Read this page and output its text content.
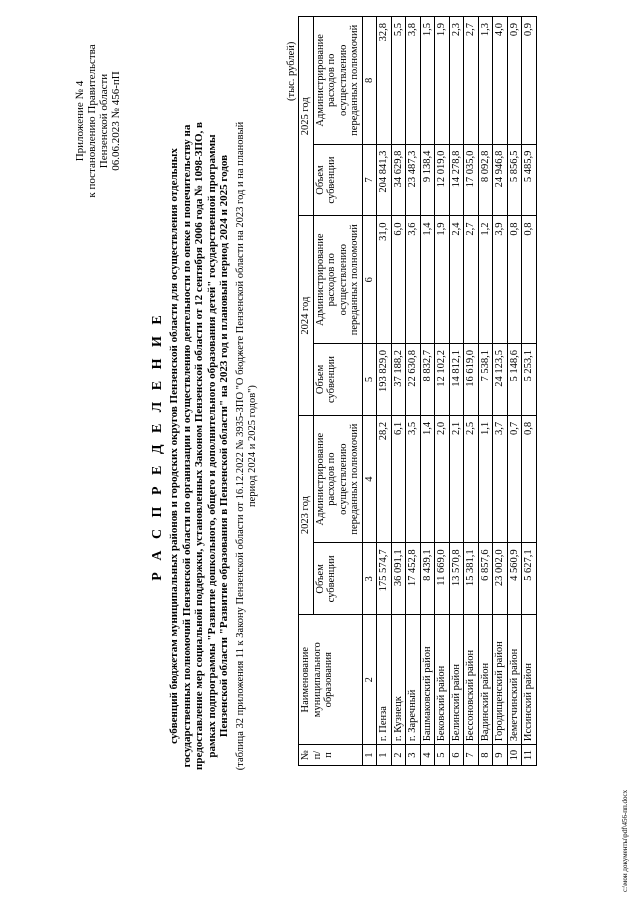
Приложение № 4 к постановлению Правительства Пензенской области 06.06.2023 № 456-пП
Р А С П Р Е Д Е Л Е Н И Е субвенций бюджетам муниципальных районов и городских округов Пензенской области для осуществления отдельных государственных полномочий Пензенской области по организации и осуществлению деятельности по опеке и попечительству на предоставление мер социальной поддержки, установленных Законом Пензенской области от 12 сентября 2006 года № 1098-ЗПО, в рамках подпрограммы "Развитие дошкольного, общего и дополнительного образования детей" государственной программы Пензенской области "Развитие образования в Пензенской области" на 2023 год и плановый период 2024 и 2025 годов (таблица 32 приложения 11 к Закону Пензенской области от 16.12.2022 № 3935-ЗПО "О бюджете Пензенской области на 2023 год и на плановый период 2024 и 2025 годов")
(тыс. рублей)
№ п/п	Наименование муниципального образования	2023 год		2024 год		2025 год	
		Объем субвенции	Администрирование расходов по осуществлению переданных полномочий	Объем субвенции	Администрирование расходов по осуществлению переданных полномочий	Объем субвенции	Администрирование расходов по осуществлению переданных полномочий
1	2	3	4	5	6	7	8
1	г. Пенза	175 574,7	28,2	193 829,0	31,0	204 841,3	32,8
2	г. Кузнецк	36 091,1	6,1	37 188,2	6,0	34 629,8	5,5
3	г. Заречный	17 452,8	3,5	22 630,8	3,6	23 487,3	3,8
4	Башмаковский район	8 439,1	1,4	8 832,7	1,4	9 138,4	1,5
5	Бековский район	11 669,0	2,0	12 102,2	1,9	12 019,0	1,9
6	Белинский район	13 570,8	2,1	14 812,1	2,4	14 278,8	2,3
7	Бессоновский район	15 381,1	2,5	16 619,0	2,7	17 035,0	2,7
8	Вадинский район	6 857,6	1,1	7 538,1	1,2	8 092,8	1,3
9	Городищенский район	23 002,0	3,7	24 123,5	3,9	24 946,8	4,0
10	Земетчинский район	4 560,9	0,7	5 148,6	0,8	5 856,5	0,9
11	Иссинский район	5 627,1	0,8	5 253,1	0,8	5 485,9	0,9
c:\мои документы\pdf\456-пп.docx
